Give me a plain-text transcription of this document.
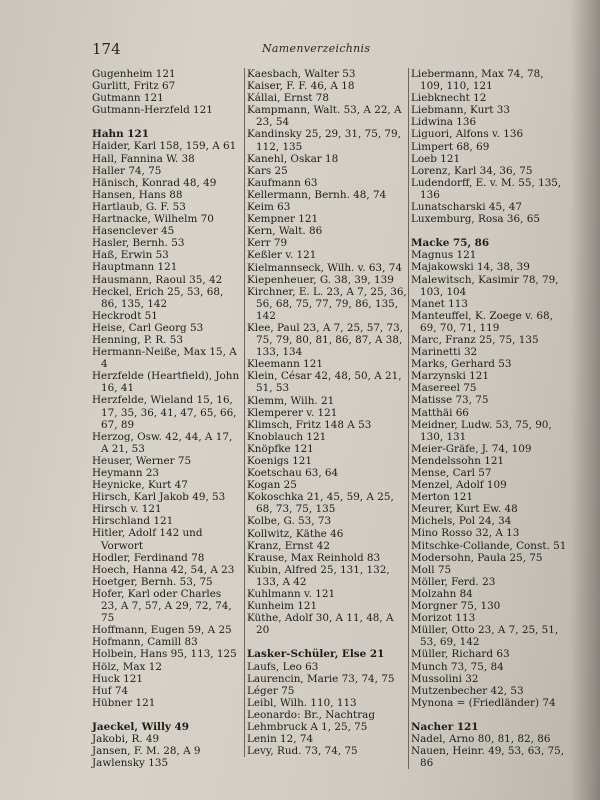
174	Namenverzeichnis

Gugenheim 121

Gurlitt, Fritz 67

Gutmann 121

Gutmann-Herzfeld 121

Hahn 121

Haider, Karl 158, 159, A 61

Hall, Fannina W. 38

Haller 74, 75

Hänisch, Konrad 48, 49

Hansen, Hans 88

Hartlaub, G. F. 53

Hartnacke, Wilhelm 70

Hasenclever 45

Hasler, Bernh. 53

Haß, Erwin 53

Hauptmann 121

Hausmann, Raoul 35, 42

Heckel, Erich 25, 53, 68, 86, 135, 142

Heckrodt 51

Heise, Carl Georg 53

Henning, P. R. 53

Hermann-Neiße, Max 15, A 4

Herzfelde (Heartfield), John 16, 41

Herzfelde, Wieland 15, 16, 17, 35, 36, 41, 47, 65, 66, 67, 89

Herzog, Osw. 42, 44, A 17, A 21, 53

Heuser, Werner 75

Heymann 23

Heynicke, Kurt 47

Hirsch, Karl Jakob 49, 53

Hirsch v. 121

Hirschland 121

Hitler, Adolf 142 und Vorwort

Hodler, Ferdinand 78

Hoech, Hanna 42, 54, A 23

Hoetger, Bernh. 53, 75

Hofer, Karl oder Charles 23, A 7, 57, A 29, 72, 74, 75

Hoffmann, Eugen 59, A 25

Hofmann, Camill 83

Holbein, Hans 95, 113, 125

Hölz, Max 12

Huck 121

Huf 74

Hübner 121

Jaeckel, Willy 49

Jakobi, R. 49

Jansen, F. M. 28, A 9

Jawlensky 135

Kaesbach, Walter 53

Kaiser, F. F. 46, A 18

Kállai, Ernst 78

Kampmann, Walt. 53, A 22, A 23, 54

Kandinsky 25, 29, 31, 75, 79, 112, 135

Kanehl, Oskar 18

Kars 25

Kaufmann 63

Kellermann, Bernh. 48, 74

Keim 63

Kempner 121

Kern, Walt. 86

Kerr 79

Keßler v. 121

Kielmannseck, Wilh. v. 63, 74

Kiepenheuer, G. 38, 39, 139

Kirchner, E. L. 23, A 7, 25, 36, 56, 68, 75, 77, 79, 86, 135, 142

Klee, Paul 23, A 7, 25, 57, 73, 75, 79, 80, 81, 86, 87, A 38, 133, 134

Kleemann 121

Klein, César 42, 48, 50, A 21, 51, 53

Klemm, Wilh. 21

Klemperer v. 121

Klimsch, Fritz 148 A 53

Knoblauch 121

Knöpfke 121

Koenigs 121

Koetschau 63, 64

Kogan 25

Kokoschka 21, 45, 59, A 25, 68, 73, 75, 135

Kolbe, G. 53, 73

Kollwitz, Käthe 46

Kranz, Ernst 42

Krause, Max Reinhold 83

Kubin, Alfred 25, 131, 132, 133, A 42

Kuhlmann v. 121

Kunheim 121

Küthe, Adolf 30, A 11, 48, A 20

Lasker-Schüler, Else 21

Laufs, Leo 63

Laurencin, Marie 73, 74, 75

Léger 75

Leibl, Wilh. 110, 113

Leonardo: Br., Nachtrag

Lehmbruck A 1, 25, 75

Lenin 12, 74

Levy, Rud. 73, 74, 75

Liebermann, Max 74, 78, 109, 110, 121

Liebknecht 12

Liebmann, Kurt 33

Lidwina 136

Liguori, Alfons v. 136

Limpert 68, 69

Loeb 121

Lorenz, Karl 34, 36, 75

Ludendorff, E. v. M. 55, 135, 136

Lunatscharski 45, 47

Luxemburg, Rosa 36, 65

Macke 75, 86

Magnus 121

Majakowski 14, 38, 39

Malewitsch, Kasimir 78, 79, 103, 104

Manet 113

Manteuffel, K. Zoege v. 68, 69, 70, 71, 119

Marc, Franz 25, 75, 135

Marinetti 32

Marks, Gerhard 53

Marzynski 121

Masereel 75

Matisse 73, 75

Matthäi 66

Meidner, Ludw. 53, 75, 90, 130, 131

Meier-Gräfe, J. 74, 109

Mendelssohn 121

Mense, Carl 57

Menzel, Adolf 109

Merton 121

Meurer, Kurt Ew. 48

Michels, Pol 24, 34

Mino Rosso 32, A 13

Mitschke-Collande, Const. 51

Modersohn, Paula 25, 75

Moll 75

Möller, Ferd. 23

Molzahn 84

Morgner 75, 130

Morizot 113

Müller, Otto 23, A 7, 25, 51, 53, 69, 142

Müller, Richard 63

Munch 73, 75, 84

Mussolini 32

Mutzenbecher 42, 53

Mynona = (Friedländer) 74

Nacher 121

Nadel, Arno 80, 81, 82, 86

Nauen, Heinr. 49, 53, 63, 75, 86
